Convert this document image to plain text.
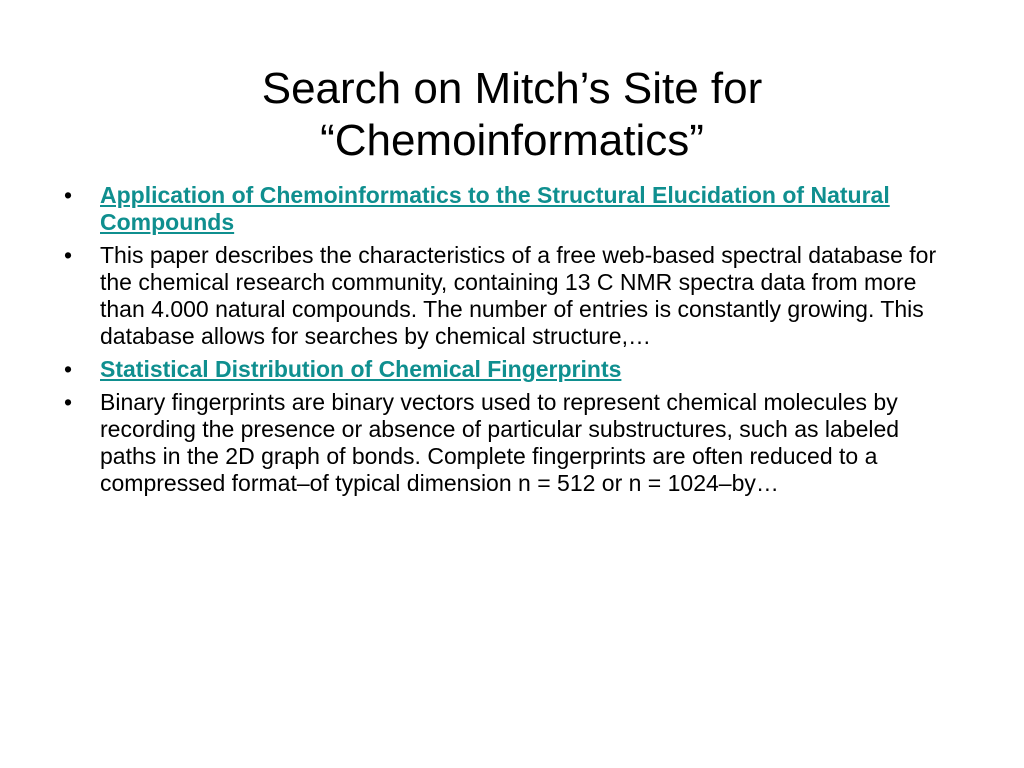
Search on Mitch’s Site for
“Chemoinformatics”
• Application of Chemoinformatics to the Structural Elucidation of Natural Compounds
• This paper describes the characteristics of a free web-based spectral database for the chemical research community, containing 13 C NMR spectra data from more than 4.000 natural compounds. The number of entries is constantly growing. This database allows for searches by chemical structure,…
• Statistical Distribution of Chemical Fingerprints
• Binary fingerprints are binary vectors used to represent chemical molecules by recording the presence or absence of particular substructures, such as labeled paths in the 2D graph of bonds. Complete fingerprints are often reduced to a compressed format–of typical dimension n = 512 or n = 1024–by…
